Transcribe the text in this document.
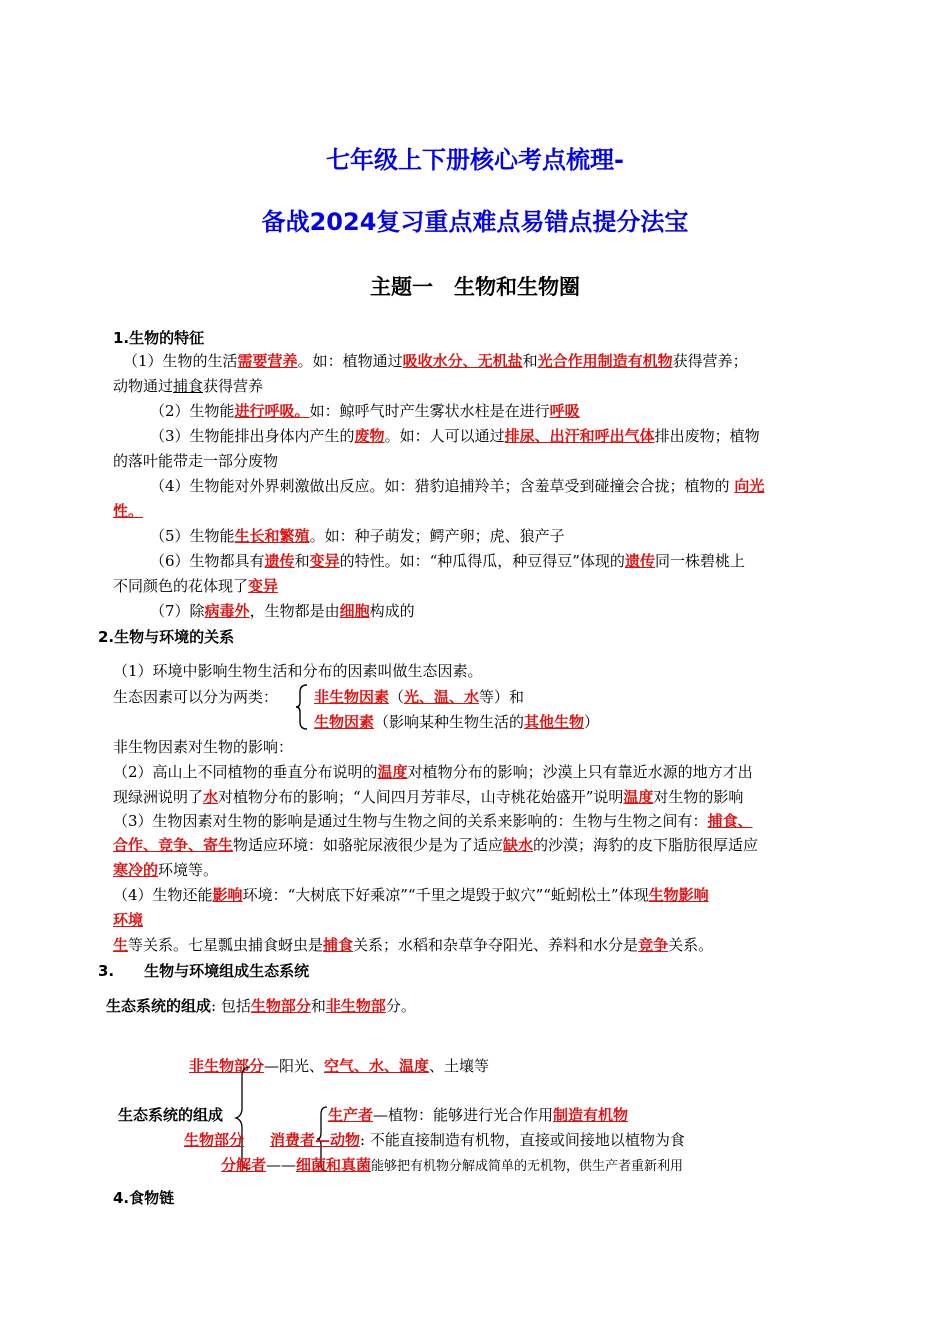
七年级上下册核心考点梳理-
备战2024复习重点难点易错点提分法宝
主题一　生物和生物圈
1.生物的特征
（1）生物的生活需要营养。如：植物通过吸收水分、无机盐和光合作用制造有机物获得营养；
动物通过捕食获得营养
（2）生物能进行呼吸。如：鲸呼气时产生雾状水柱是在进行呼吸
（3）生物能排出身体内产生的废物。如：人可以通过排尿、出汗和呼出气体排出废物；植物
的落叶能带走一部分废物
（4）生物能对外界刺激做出反应。如：猎豹追捕羚羊；含羞草受到碰撞会合拢；植物的 向光
性。
（5）生物能生长和繁殖。如：种子萌发；鳄产卵；虎、狼产子
（6）生物都具有遗传和变异的特性。如：“种瓜得瓜，种豆得豆”体现的遗传同一株碧桃上
不同颜色的花体现了变异
（7）除病毒外，生物都是由细胞构成的
2.生物与环境的关系
（1）环境中影响生物生活和分布的因素叫做生态因素。
生态因素可以分为两类： 非生物因素（光、温、水等）和
生物因素（影响某种生物生活的其他生物）
非生物因素对生物的影响：
（2）高山上不同植物的垂直分布说明的温度对植物分布的影响；沙漠上只有靠近水源的地方才出
现绿洲说明了水对植物分布的影响；“人间四月芳菲尽，山寺桃花始盛开”说明温度对生物的影响
（3）生物因素对生物的影响是通过生物与生物之间的关系来影响的：生物与生物之间有：捕食、
合作、竞争、寄生物适应环境：如骆驼尿液很少是为了适应缺水的沙漠；海豹的皮下脂肪很厚适应
寒冷的环境等。
（4）生物还能影响环境：“大树底下好乘凉”“千里之堤毁于蚁穴”“蚯蚓松土”体现生物影响
环境
生等关系。七星瓢虫捕食蚜虫是捕食关系；水稻和杂草争夺阳光、养料和水分是竞争关系。
3.　　生物与环境组成生态系统
生态系统的组成: 包括生物部分和非生物部分。
非生物部分—阳光、空气、水、温度、土壤等
生态系统的组成
生物部分
生产者—植物：能够进行光合作用制造有机物
消费者—动物: 不能直接制造有机物，直接或间接地以植物为食
分解者——细菌和真菌能够把有机物分解成简单的无机物，供生产者重新利用
4.食物链
